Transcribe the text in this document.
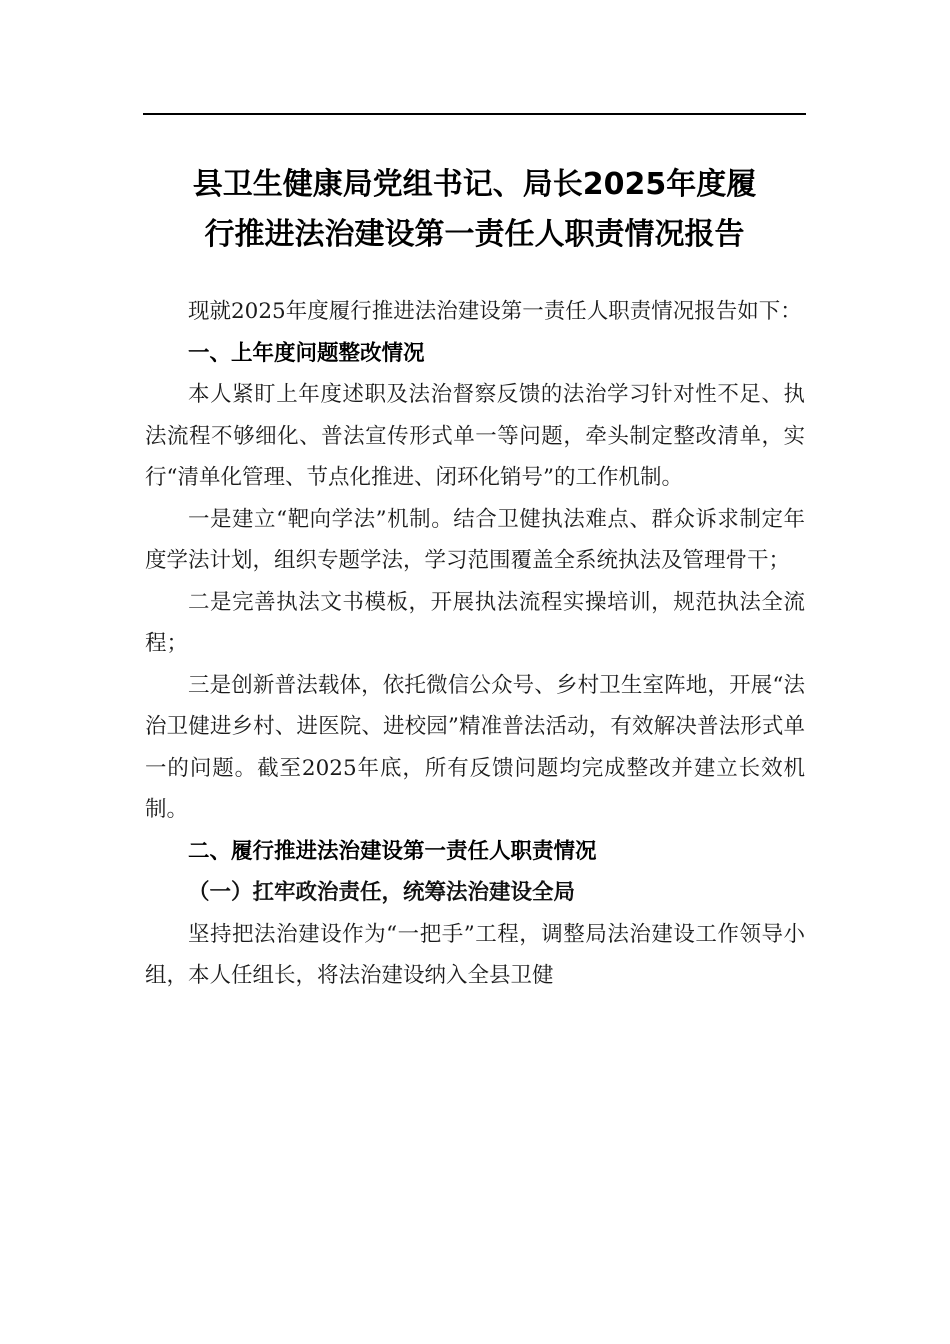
县卫生健康局党组书记、局长2025年度履
行推进法治建设第一责任人职责情况报告

现就2025年度履行推进法治建设第一责任人职责情况报告如下：

一、上年度问题整改情况

本人紧盯上年度述职及法治督察反馈的法治学习针对性不足、执法流程不够细化、普法宣传形式单一等问题，牵头制定整改清单，实行“清单化管理、节点化推进、闭环化销号”的工作机制。

一是建立“靶向学法”机制。结合卫健执法难点、群众诉求制定年度学法计划，组织专题学法，学习范围覆盖全系统执法及管理骨干；

二是完善执法文书模板，开展执法流程实操培训，规范执法全流程；

三是创新普法载体，依托微信公众号、乡村卫生室阵地，开展“法治卫健进乡村、进医院、进校园”精准普法活动，有效解决普法形式单一的问题。截至2025年底，所有反馈问题均完成整改并建立长效机制。

二、履行推进法治建设第一责任人职责情况
（一）扛牢政治责任，统筹法治建设全局

坚持把法治建设作为“一把手”工程，调整局法治建设工作领导小组，本人任组长，将法治建设纳入全县卫健
